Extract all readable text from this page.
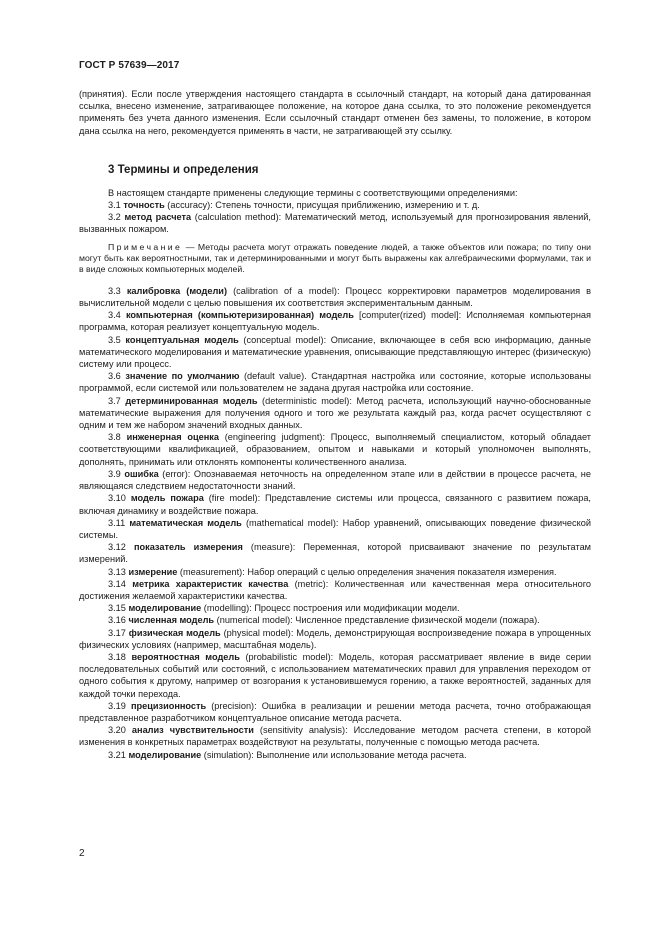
ГОСТ Р 57639—2017

(принятия). Если после утверждения настоящего стандарта в ссылочный стандарт, на который дана датированная ссылка, внесено изменение, затрагивающее положение, на которое дана ссылка, то это положение рекомендуется применять без учета данного изменения. Если ссылочный стандарт отменен без замены, то положение, в котором дана ссылка на него, рекомендуется применять в части, не затрагивающей эту ссылку.

3 Термины и определения

В настоящем стандарте применены следующие термины с соответствующими определениями:

3.1 точность (accuracy): Степень точности, присущая приближению, измерению и т. д.

3.2 метод расчета (calculation method): Математический метод, используемый для прогнозирования явлений, вызванных пожаром.

Примечание — Методы расчета могут отражать поведение людей, а также объектов или пожара; по типу они могут быть как вероятностными, так и детерминированными и могут быть выражены как алгебраическими формулами, так и в виде сложных компьютерных моделей.

3.3 калибровка (модели) (calibration of a model): Процесс корректировки параметров моделирования в вычислительной модели с целью повышения их соответствия экспериментальным данным.

3.4 компьютерная (компьютеризированная) модель [computer(rized) model]: Исполняемая компьютерная программа, которая реализует концептуальную модель.

3.5 концептуальная модель (conceptual model): Описание, включающее в себя всю информацию, данные математического моделирования и математические уравнения, описывающие представляющую интерес (физическую) систему или процесс.

3.6 значение по умолчанию (default value). Стандартная настройка или состояние, которые использованы программой, если системой или пользователем не задана другая настройка или состояние.

3.7 детерминированная модель (deterministic model): Метод расчета, использующий научно-обоснованные математические выражения для получения одного и того же результата каждый раз, когда расчет осуществляют с одним и тем же набором значений входных данных.

3.8 инженерная оценка (engineering judgment): Процесс, выполняемый специалистом, который обладает соответствующими квалификацией, образованием, опытом и навыками и который уполномочен выполнять, дополнять, принимать или отклонять компоненты количественного анализа.

3.9 ошибка (error): Опознаваемая неточность на определенном этапе или в действии в процессе расчета, не являющаяся следствием недостаточности знаний.

3.10 модель пожара (fire model): Представление системы или процесса, связанного с развитием пожара, включая динамику и воздействие пожара.

3.11 математическая модель (mathematical model): Набор уравнений, описывающих поведение физической системы.

3.12 показатель измерения (measure): Переменная, которой присваивают значение по результатам измерений.

3.13 измерение (measurement): Набор операций с целью определения значения показателя измерения.

3.14 метрика характеристик качества (metric): Количественная или качественная мера относительного достижения желаемой характеристики качества.

3.15 моделирование (modelling): Процесс построения или модификации модели.

3.16 численная модель (numerical model): Численное представление физической модели (пожара).

3.17 физическая модель (physical model): Модель, демонстрирующая воспроизведение пожара в упрощенных физических условиях (например, масштабная модель).

3.18 вероятностная модель (probabilistic model): Модель, которая рассматривает явление в виде серии последовательных событий или состояний, с использованием математических правил для управления переходом от одного события к другому, например от возгорания к установившемуся горению, а также вероятностей, заданных для каждой точки перехода.

3.19 прецизионность (precision): Ошибка в реализации и решении метода расчета, точно отображающая представленное разработчиком концептуальное описание метода расчета.

3.20 анализ чувствительности (sensitivity analysis): Исследование методом расчета степени, в которой изменения в конкретных параметрах воздействуют на результаты, полученные с помощью метода расчета.

3.21 моделирование (simulation): Выполнение или использование метода расчета.

2
